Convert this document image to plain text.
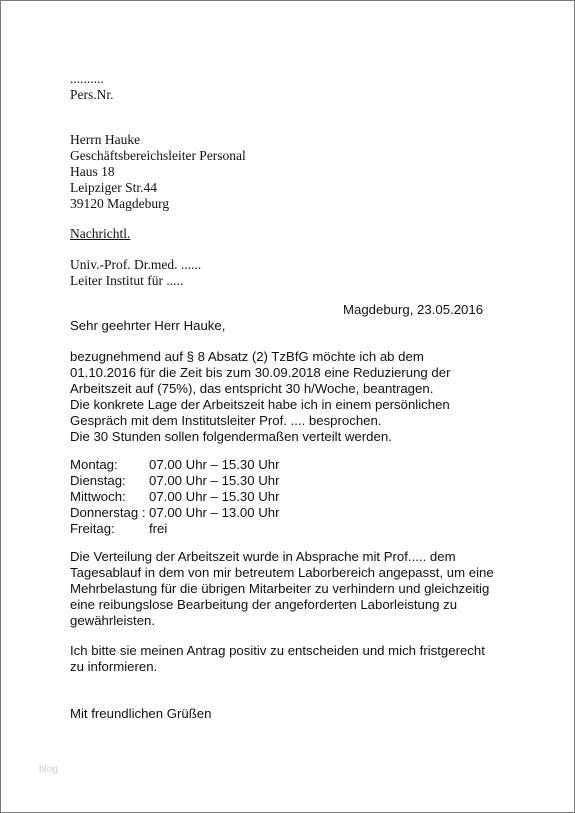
..........
Pers.Nr.
Herrn Hauke
Geschäftsbereichsleiter Personal
Haus 18
Leipziger Str.44
39120 Magdeburg
Nachrichtl.
Univ.-Prof. Dr.med. ......
Leiter Institut für .....
Magdeburg, 23.05.2016
Sehr geehrter Herr Hauke,
bezugnehmend auf § 8 Absatz (2) TzBfG möchte ich ab dem
01.10.2016 für die Zeit bis zum 30.09.2018 eine Reduzierung der
Arbeitszeit auf (75%), das entspricht 30 h/Woche, beantragen.
Die konkrete Lage der Arbeitszeit habe ich in einem persönlichen
Gespräch mit dem Institutsleiter Prof. .... besprochen.
Die 30 Stunden sollen folgendermaßen verteilt werden.
Montag: 07.00 Uhr – 15.30 Uhr
Dienstag: 07.00 Uhr – 15.30 Uhr
Mittwoch: 07.00 Uhr – 15.30 Uhr
Donnerstag : 07.00 Uhr – 13.00 Uhr
Freitag:	frei
Die Verteilung der Arbeitszeit wurde in Absprache mit Prof..... dem
Tagesablauf in dem von mir betreutem Laborbereich angepasst, um eine
Mehrbelastung für die übrigen Mitarbeiter zu verhindern und gleichzeitig
eine reibungslose Bearbeitung der angeforderten Laborleistung zu
gewährleisten.
Ich bitte sie meinen Antrag positiv zu entscheiden und mich fristgerecht
zu informieren.
Mit freundlichen Grüßen
blog
